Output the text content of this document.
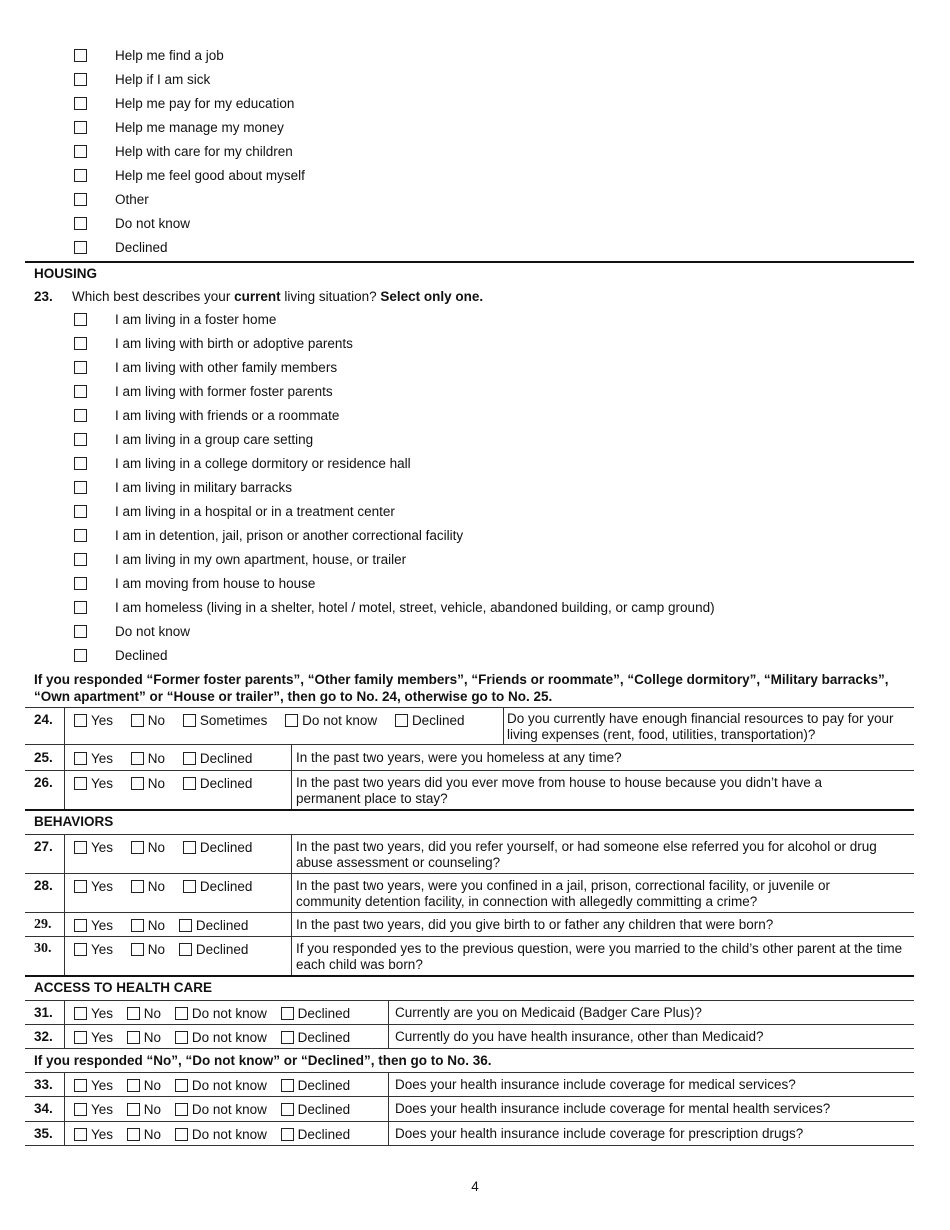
Help me find a job
Help if I am sick
Help me pay for my education
Help me manage my money
Help with care for my children
Help me feel good about myself
Other
Do not know
Declined
HOUSING
23. Which best describes your current living situation? Select only one.
I am living in a foster home
I am living with birth or adoptive parents
I am living with other family members
I am living with former foster parents
I am living with friends or a roommate
I am living in a group care setting
I am living in a college dormitory or residence hall
I am living in military barracks
I am living in a hospital or in a treatment center
I am in detention, jail, prison or another correctional facility
I am living in my own apartment, house, or trailer
I am moving from house to house
I am homeless (living in a shelter, hotel / motel, street, vehicle, abandoned building, or camp ground)
Do not know
Declined
If you responded “Former foster parents”, “Other family members”, “Friends or roommate”, “College dormitory”, “Military barracks”, “Own apartment” or “House or trailer”, then go to No. 24, otherwise go to No. 25.
24.	Yes	No	Sometimes	Do not know	Declined	Do you currently have enough financial resources to pay for your living expenses (rent, food, utilities, transportation)?
25.	Yes	No	Declined	In the past two years, were you homeless at any time?
26.	Yes	No	Declined	In the past two years did you ever move from house to house because you didn’t have a permanent place to stay?
BEHAVIORS
27.	Yes	No	Declined	In the past two years, did you refer yourself, or had someone else referred you for alcohol or drug abuse assessment or counseling?
28.	Yes	No	Declined	In the past two years, were you confined in a jail, prison, correctional facility, or juvenile or community detention facility, in connection with allegedly committing a crime?
29.	Yes	No Declined	In the past two years, did you give birth to or father any children that were born?
30.	Yes	No Declined	If you responded yes to the previous question, were you married to the child’s other parent at the time each child was born?
ACCESS TO HEALTH CARE
31.	Yes No Do not know Declined	Currently are you on Medicaid (Badger Care Plus)?
32.	Yes No Do not know Declined	Currently do you have health insurance, other than Medicaid?
If you responded “No”, “Do not know” or “Declined”, then go to No. 36.
33.	Yes No Do not know Declined	Does your health insurance include coverage for medical services?
34.	Yes No Do not know Declined	Does your health insurance include coverage for mental health services?
35.	Yes No Do not know Declined	Does your health insurance include coverage for prescription drugs?
4
